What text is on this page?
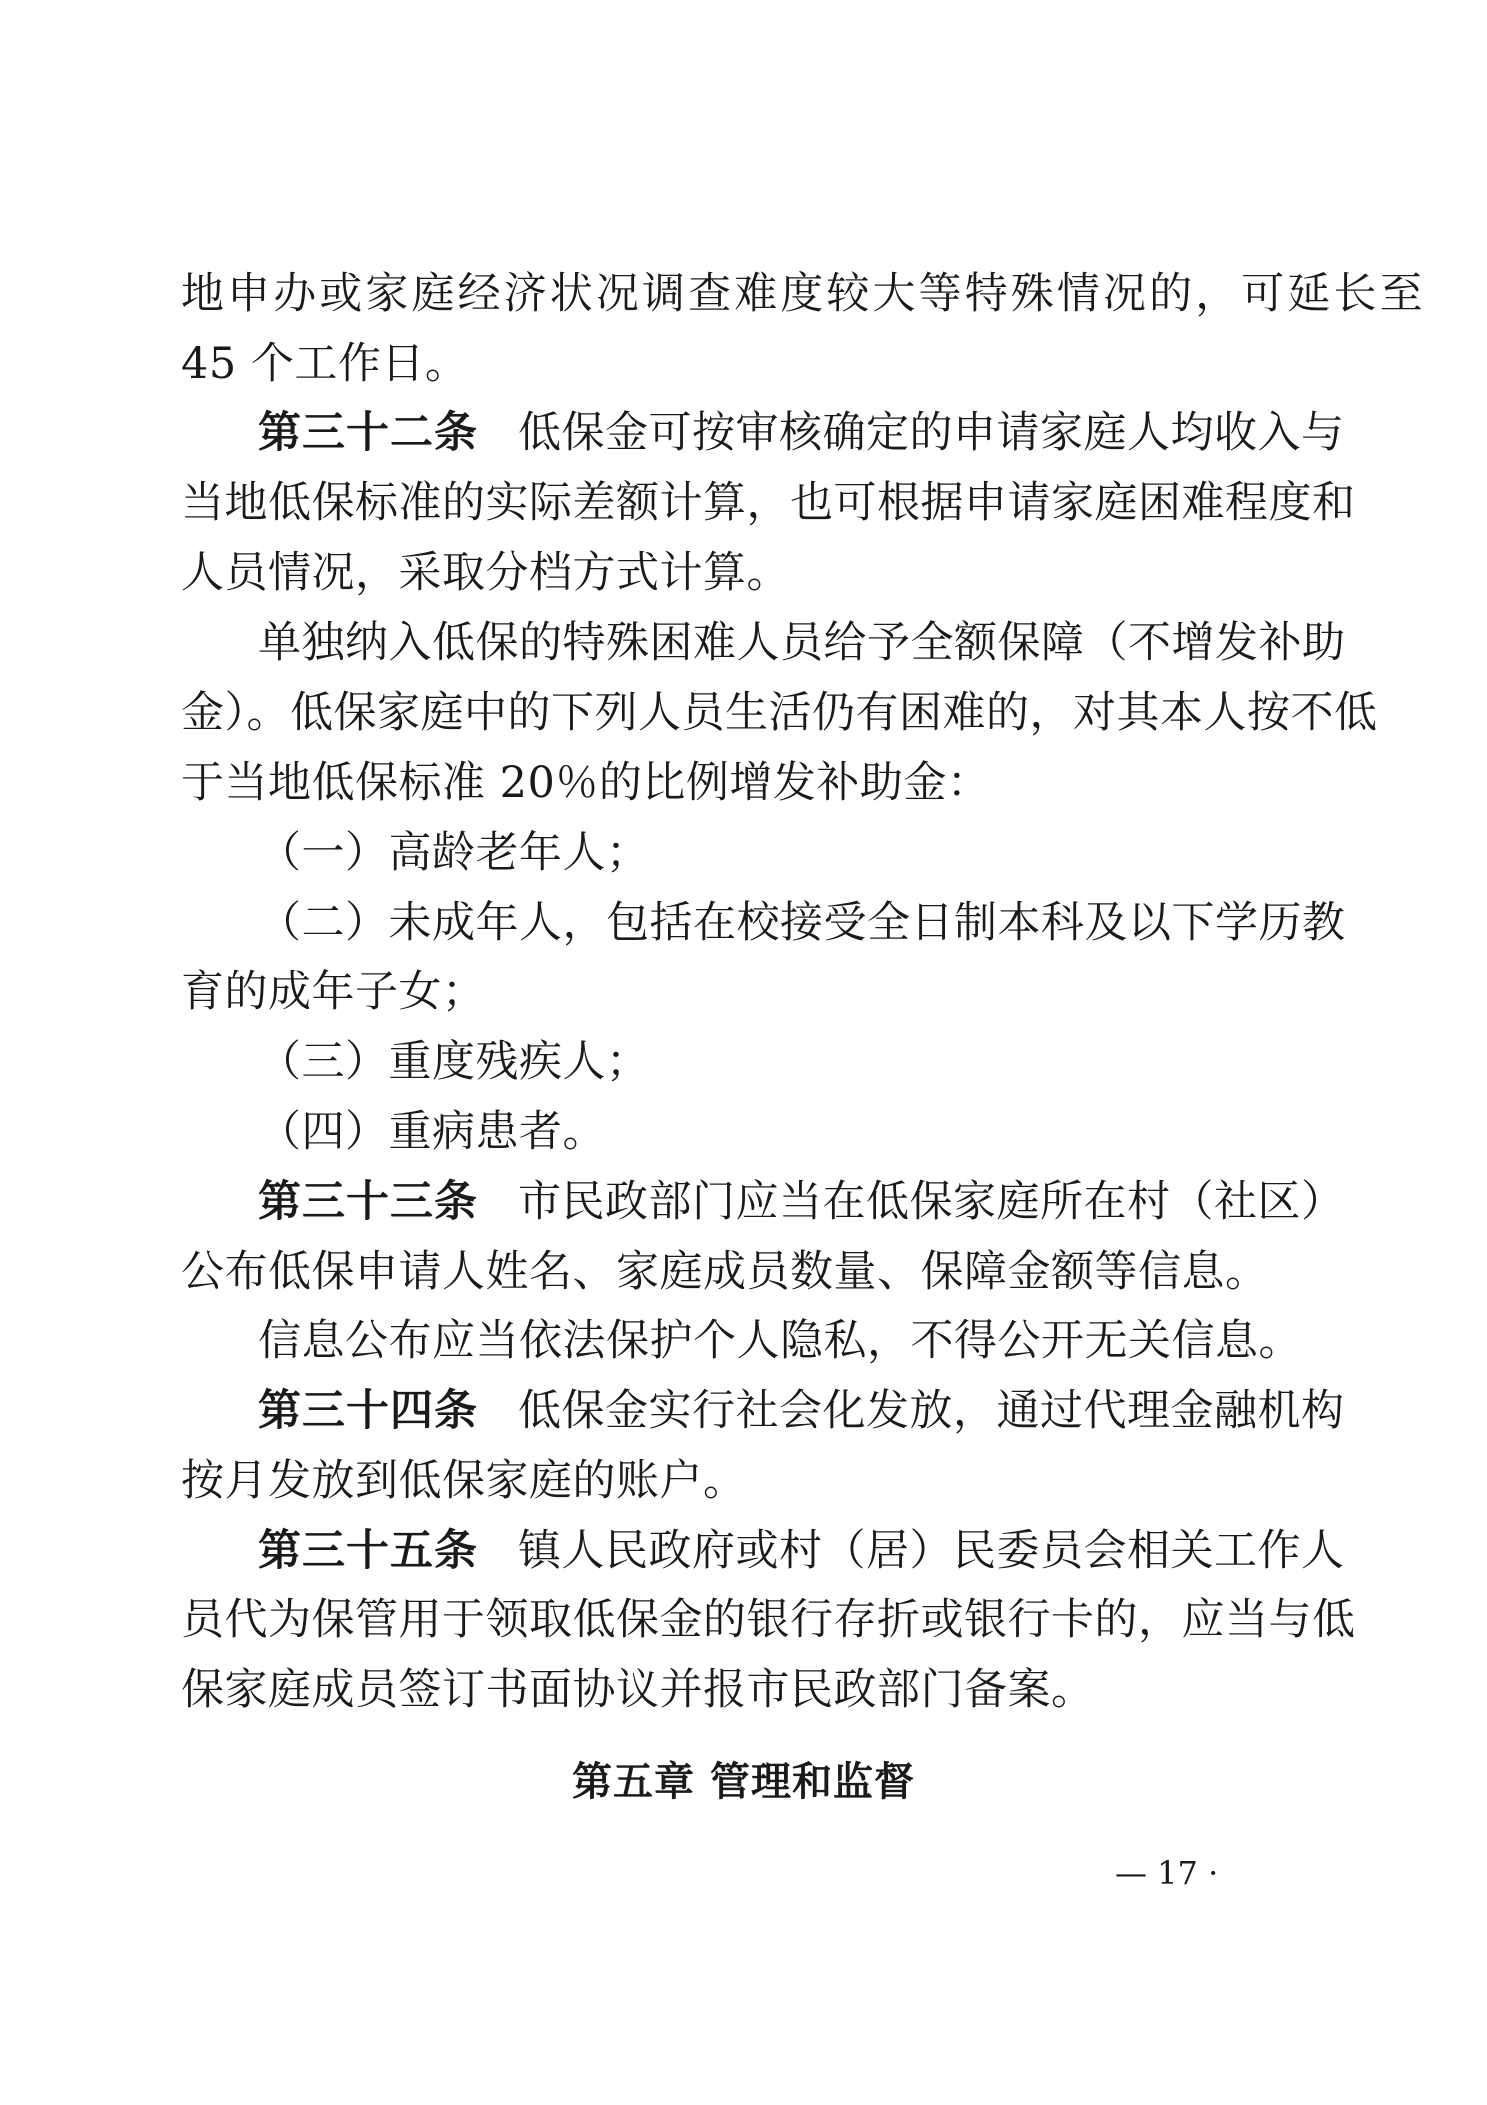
地申办或家庭经济状况调查难度较大等特殊情况的，可延长至
45 个工作日。
第三十二条 低保金可按审核确定的申请家庭人均收入与
当地低保标准的实际差额计算，也可根据申请家庭困难程度和
人员情况，采取分档方式计算。
单独纳入低保的特殊困难人员给予全额保障（不增发补助
金）。低保家庭中的下列人员生活仍有困难的，对其本人按不低
于当地低保标准 20％的比例增发补助金：
（一）高龄老年人；
（二）未成年人，包括在校接受全日制本科及以下学历教
育的成年子女；
（三）重度残疾人；
（四）重病患者。
第三十三条 市民政部门应当在低保家庭所在村（社区）
公布低保申请人姓名、家庭成员数量、保障金额等信息。
信息公布应当依法保护个人隐私，不得公开无关信息。
第三十四条 低保金实行社会化发放，通过代理金融机构
按月发放到低保家庭的账户。
第三十五条 镇人民政府或村（居）民委员会相关工作人
员代为保管用于领取低保金的银行存折或银行卡的，应当与低
保家庭成员签订书面协议并报市民政部门备案。
第五章 管理和监督
— 17 ·
